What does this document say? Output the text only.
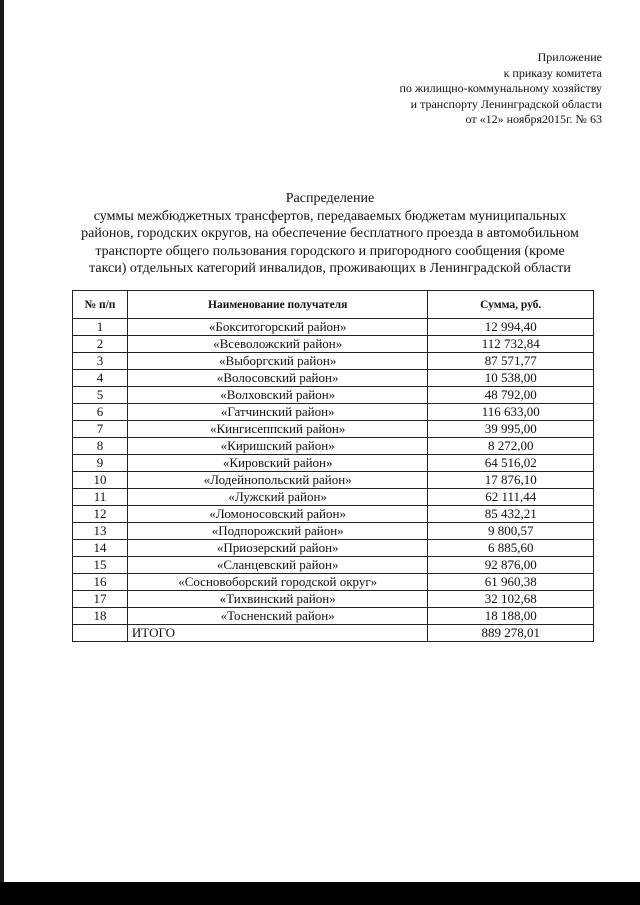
Приложение
к приказу комитета
по жилищно-коммунальному хозяйству
и транспорту Ленинградской области
от «12» ноября2015г. № 63
Распределение
суммы межбюджетных трансфертов, передаваемых бюджетам муниципальных
районов, городских округов, на обеспечение бесплатного проезда в автомобильном
транспорте общего пользования городского и пригородного сообщения (кроме
такси) отдельных категорий инвалидов, проживающих в Ленинградской области
№ п/п	Наименование получателя	Сумма, руб.
1	«Бокситогорский район»	12 994,40
2	«Всеволожский район»	112 732,84
3	«Выборгский район»	87 571,77
4	«Волосовский район»	10 538,00
5	«Волховский район»	48 792,00
6	«Гатчинский район»	116 633,00
7	«Кингисеппский район»	39 995,00
8	«Киришский район»	8 272,00
9	«Кировский район»	64 516,02
10	«Лодейнопольский район»	17 876,10
11	«Лужский район»	62 111,44
12	«Ломоносовский район»	85 432,21
13	«Подпорожский район»	9 800,57
14	«Приозерский район»	6 885,60
15	«Сланцевский район»	92 876,00
16	«Сосновоборский городской округ»	61 960,38
17	«Тихвинский район»	32 102,68
18	«Тосненский район»	18 188,00
	ИТОГО	889 278,01
